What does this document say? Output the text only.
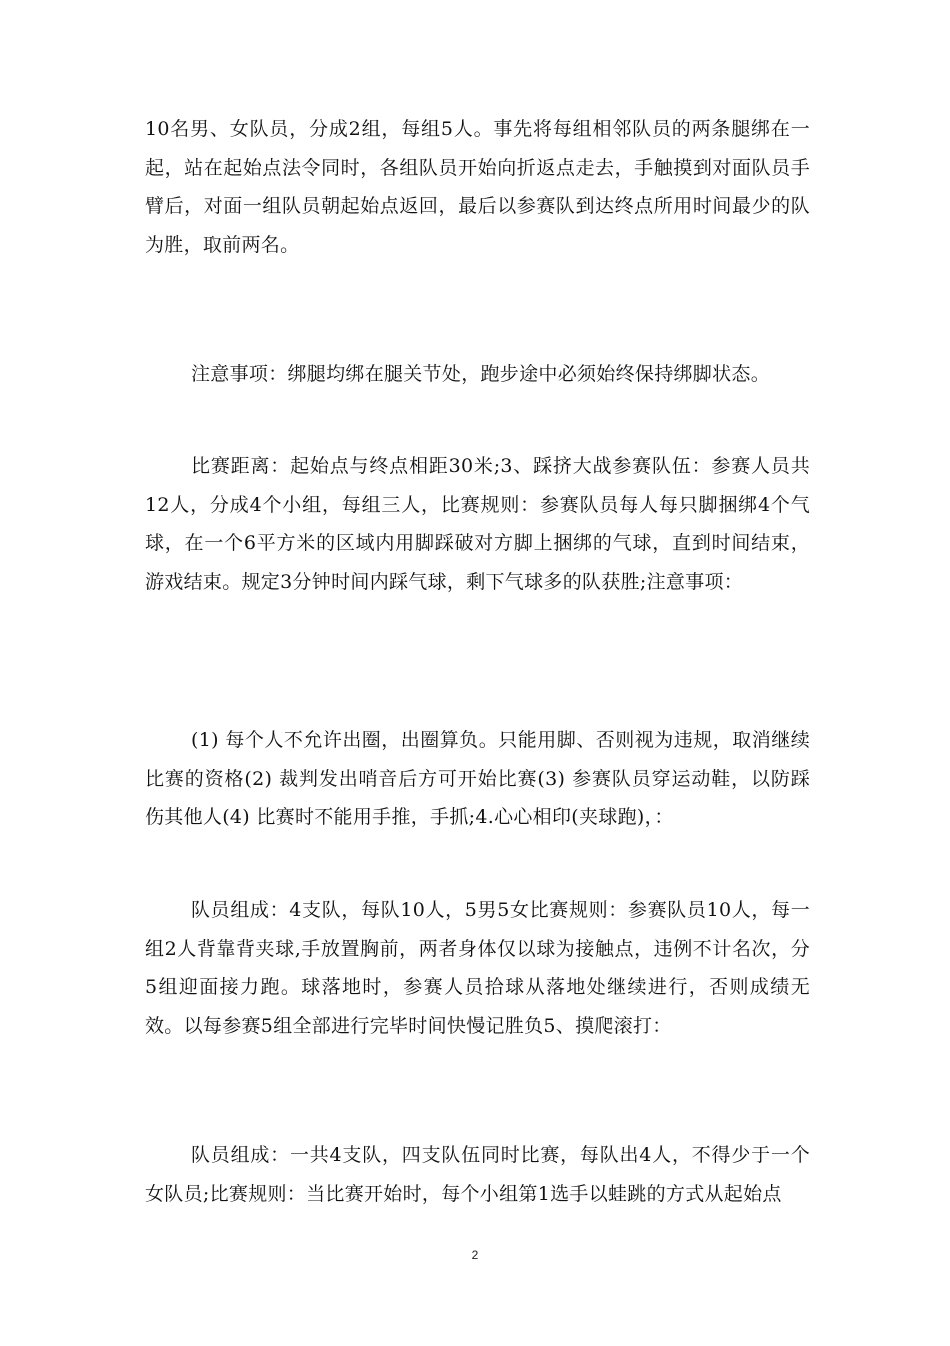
10名男、女队员，分成2组，每组5人。事先将每组相邻队员的两条腿绑在一起，站在起始点法令同时，各组队员开始向折返点走去，手触摸到对面队员手臂后，对面一组队员朝起始点返回，最后以参赛队到达终点所用时间最少的队为胜，取前两名。

注意事项：绑腿均绑在腿关节处，跑步途中必须始终保持绑脚状态。

比赛距离：起始点与终点相距30米;3、踩挤大战参赛队伍：参赛人员共12人，分成4个小组，每组三人，比赛规则：参赛队员每人每只脚捆绑4个气球，在一个6平方米的区域内用脚踩破对方脚上捆绑的气球，直到时间结束，游戏结束。规定3分钟时间内踩气球，剩下气球多的队获胜;注意事项：

(1) 每个人不允许出圈，出圈算负。只能用脚、否则视为违规，取消继续比赛的资格(2) 裁判发出哨音后方可开始比赛(3) 参赛队员穿运动鞋，以防踩伤其他人(4) 比赛时不能用手推，手抓;4.心心相印(夹球跑)，：

队员组成：4支队，每队10人，5男5女比赛规则：参赛队员10人，每一组2人背靠背夹球,手放置胸前，两者身体仅以球为接触点，违例不计名次，分5组迎面接力跑。球落地时，参赛人员拾球从落地处继续进行，否则成绩无效。以每参赛5组全部进行完毕时间快慢记胜负5、摸爬滚打：

队员组成：一共4支队，四支队伍同时比赛，每队出4人，不得少于一个女队员;比赛规则：当比赛开始时，每个小组第1选手以蛙跳的方式从起始点

2
